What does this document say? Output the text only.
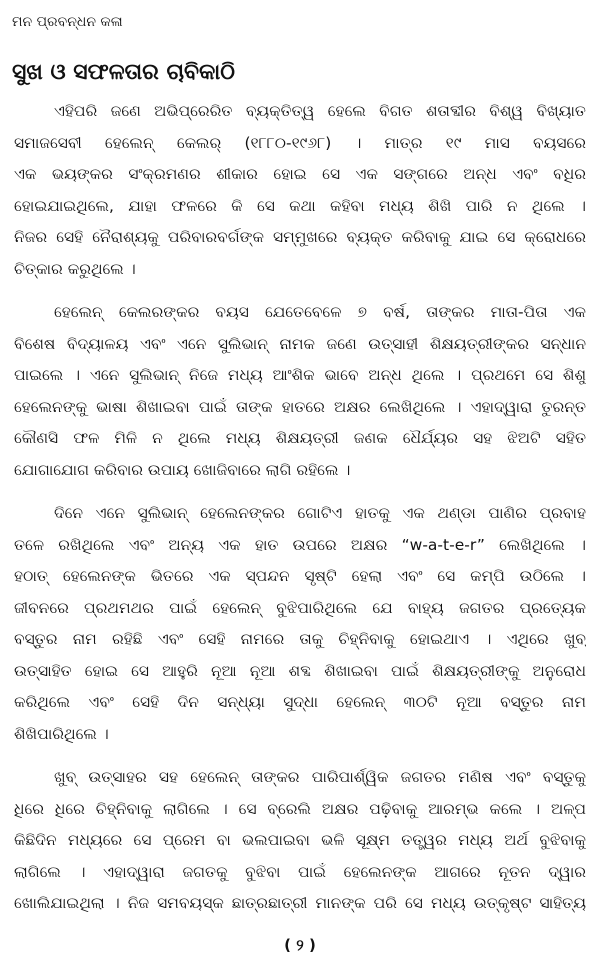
ମନ ପ୍ରବନ୍ଧନ କଳା
ସୁଖ ଓ ସଫଳତାର ଚାବିକାଠି
ଏହିପରି ଜଣେ ଅଭିପ୍ରେରିତ ବ୍ୟକ୍ତିତ୍ୱ ହେଲେ ବିଗତ ଶତାବ୍ଦୀର ବିଶ୍ୱ ବିଖ୍ୟାତ
ସମାଜସେବୀ ହେଲେନ୍ କେଲର୍ (୧୮୮୦-୧୯୬୮) । ମାତ୍ର ୧୯ ମାସ ବୟସରେ
ଏକ ଭୟଙ୍କର ସଂକ୍ରମଣର ଶୀକାର ହୋଇ ସେ ଏକ ସଙ୍ଗରେ ଅନ୍ଧ ଏବଂ ବଧିର
ହୋଇଯାଇଥିଲେ, ଯାହା ଫଳରେ କି ସେ କଥା କହିବା ମଧ୍ୟ ଶିଖି ପାରି ନ ଥିଲେ ।
ନିଜର ସେହି ନୈରାଶ୍ୟକୁ ପରିବାରବର୍ଗଙ୍କ ସମ୍ମୁଖରେ ବ୍ୟକ୍ତ କରିବାକୁ ଯାଇ ସେ କ୍ରୋଧରେ
ଚିତ୍କାର କରୁଥିଲେ ।
ହେଲେନ୍ କେଲରଙ୍କର ବୟସ ଯେତେବେଳେ ୭ ବର୍ଷ, ତାଙ୍କର ମାତା-ପିତା ଏକ
ବିଶେଷ ବିଦ୍ୟାଳୟ ଏବଂ ଏନେ ସୁଲିଭାନ୍ ନାମକ ଜଣେ ଉତ୍ସାହୀ ଶିକ୍ଷୟତ୍ରୀଙ୍କର ସନ୍ଧାନ
ପାଇଲେ । ଏନେ ସୁଲିଭାନ୍ ନିଜେ ମଧ୍ୟ ଆଂଶିକ ଭାବେ ଅନ୍ଧ ଥିଲେ । ପ୍ରଥମେ ସେ ଶିଶୁ
ହେଲେନଙ୍କୁ ଭାଷା ଶିଖାଇବା ପାଇଁ ତାଙ୍କ ହାତରେ ଅକ୍ଷର ଲେଖିଥିଲେ । ଏହାଦ୍ୱାରା ତୁରନ୍ତ
କୌଣସି ଫଳ ମିଳି ନ ଥିଲେ ମଧ୍ୟ ଶିକ୍ଷୟତ୍ରୀ ଜଣକ ଧୈର୍ଯ୍ୟର ସହ ଝିଅଟି ସହିତ
ଯୋଗାଯୋଗ କରିବାର ଉପାୟ ଖୋଜିବାରେ ଲାଗି ରହିଲେ ।
ଦିନେ ଏନେ ସୁଲିଭାନ୍ ହେଲେନଙ୍କର ଗୋଟିଏ ହାତକୁ ଏକ ଥଣ୍ଡା ପାଣିର ପ୍ରବାହ
ତଳେ ରଖିଥିଲେ ଏବଂ ଅନ୍ୟ ଏକ ହାତ ଉପରେ ଅକ୍ଷର “w-a-t-e-r” ଲେଖିଥିଲେ ।
ହଠାତ୍ ହେଲେନଙ୍କ ଭିତରେ ଏକ ସ୍ପନ୍ଦନ ସୃଷ୍ଟି ହେଲା ଏବଂ ସେ କମ୍ପି ଉଠିଲେ ।
ଜୀବନରେ ପ୍ରଥମଥର ପାଇଁ ହେଲେନ୍ ବୁଝିପାରିଥିଲେ ଯେ ବାହ୍ୟ ଜଗତର ପ୍ରତ୍ୟେକ
ବସ୍ତୁର ନାମ ରହିଛି ଏବଂ ସେହି ନାମରେ ତାକୁ ଚିହ୍ନିବାକୁ ହୋଇଥାଏ । ଏଥିରେ ଖୁବ୍
ଉତ୍ସାହିତ ହୋଇ ସେ ଆହୁରି ନୂଆ ନୂଆ ଶବ୍ଦ ଶିଖାଇବା ପାଇଁ ଶିକ୍ଷୟତ୍ରୀଙ୍କୁ ଅନୁରୋଧ
କରିଥିଲେ ଏବଂ ସେହି ଦିନ ସନ୍ଧ୍ୟା ସୁଦ୍ଧା ହେଲେନ୍ ୩୦ଟି ନୂଆ ବସ୍ତୁର ନାମ
ଶିଖିପାରିଥିଲେ ।
ଖୁବ୍ ଉତ୍ସାହର ସହ ହେଲେନ୍ ତାଙ୍କର ପାରିପାର୍ଶ୍ୱିକ ଜଗତର ମଣିଷ ଏବଂ ବସ୍ତୁକୁ
ଧିରେ ଧିରେ ଚିହ୍ନିବାକୁ ଲାଗିଲେ । ସେ ବ୍ରେଲି ଅକ୍ଷର ପଢ଼ିବାକୁ ଆରମ୍ଭ କଲେ । ଅଳ୍ପ
କିଛିଦିନ ମଧ୍ୟରେ ସେ ପ୍ରେମ ବା ଭଲପାଇବା ଭଳି ସୂକ୍ଷ୍ମ ତତ୍ତ୍ୱର ମଧ୍ୟ ଅର୍ଥ ବୁଝିବାକୁ
ଲାଗିଲେ । ଏହାଦ୍ୱାରା ଜଗତକୁ ବୁଝିବା ପାଇଁ ହେଲେନଙ୍କ ଆଗରେ ନୂତନ ଦ୍ୱାର
ଖୋଲିଯାଇଥିଲା । ନିଜ ସମବୟସ୍କ ଛାତ୍ରଛାତ୍ରୀ ମାନଙ୍କ ପରି ସେ ମଧ୍ୟ ଉତ୍କୃଷ୍ଟ ସାହିତ୍ୟ
( ୨ )
